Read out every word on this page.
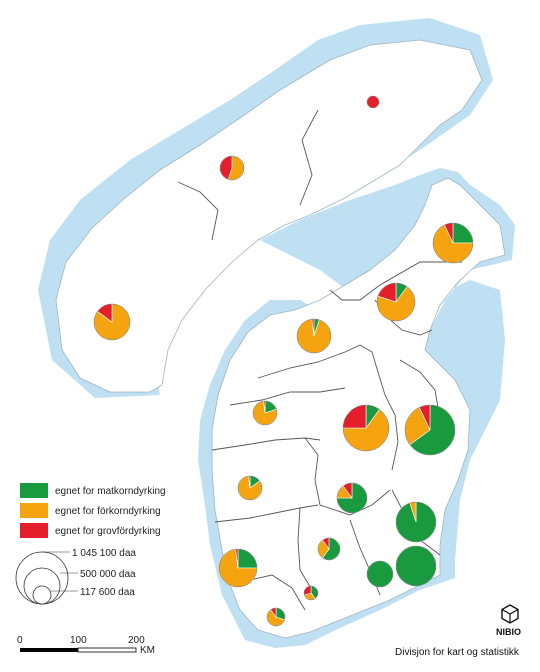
egnet for matkorndyrking
egnet for förkorndyrking
egnet for grovfördyrking
1 045 100 daa
500 000 daa
117 600 daa
0	100	200
KM
NIBIO
Divisjon for kart og statistikk
